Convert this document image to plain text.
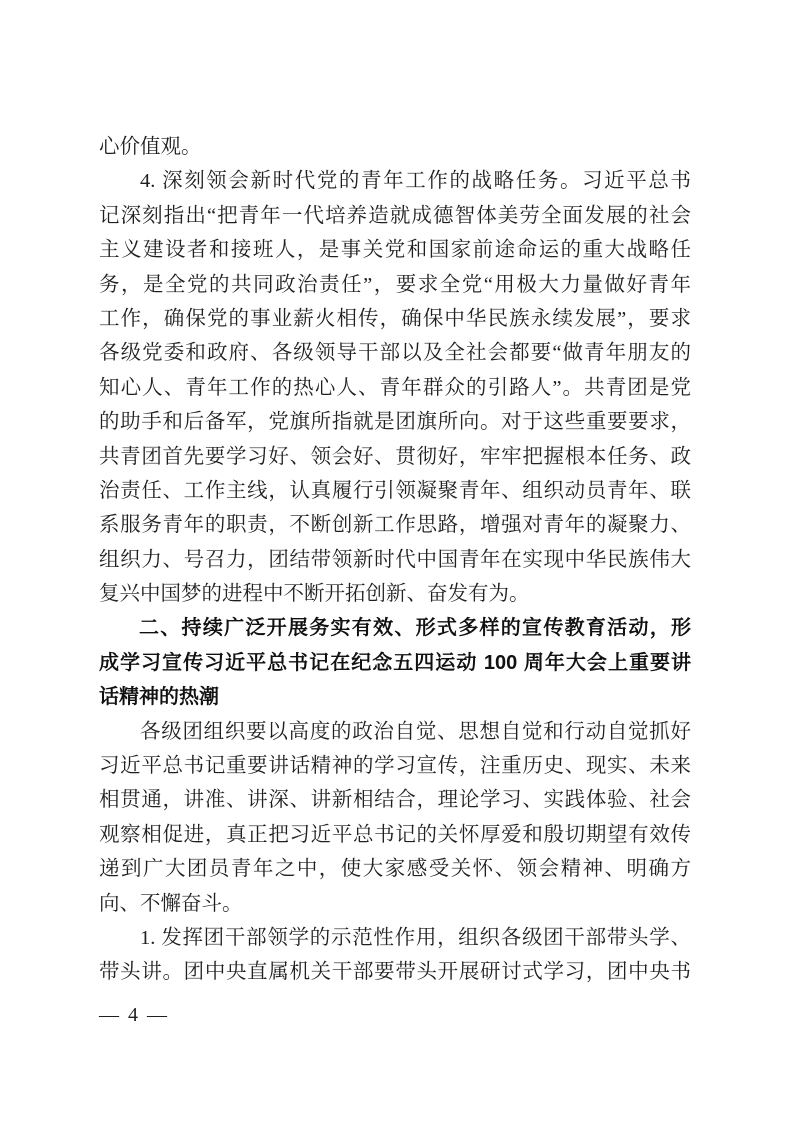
心价值观。
4. 深刻领会新时代党的青年工作的战略任务。习近平总书
记深刻指出“把青年一代培养造就成德智体美劳全面发展的社会
主义建设者和接班人，是事关党和国家前途命运的重大战略任
务，是全党的共同政治责任”，要求全党“用极大力量做好青年
工作，确保党的事业薪火相传，确保中华民族永续发展”，要求
各级党委和政府、各级领导干部以及全社会都要“做青年朋友的
知心人、青年工作的热心人、青年群众的引路人”。共青团是党
的助手和后备军，党旗所指就是团旗所向。对于这些重要要求，
共青团首先要学习好、领会好、贯彻好，牢牢把握根本任务、政
治责任、工作主线，认真履行引领凝聚青年、组织动员青年、联
系服务青年的职责，不断创新工作思路，增强对青年的凝聚力、
组织力、号召力，团结带领新时代中国青年在实现中华民族伟大
复兴中国梦的进程中不断开拓创新、奋发有为。
二、持续广泛开展务实有效、形式多样的宣传教育活动，形
成学习宣传习近平总书记在纪念五四运动 100 周年大会上重要讲
话精神的热潮
各级团组织要以高度的政治自觉、思想自觉和行动自觉抓好
习近平总书记重要讲话精神的学习宣传，注重历史、现实、未来
相贯通，讲准、讲深、讲新相结合，理论学习、实践体验、社会
观察相促进，真正把习近平总书记的关怀厚爱和殷切期望有效传
递到广大团员青年之中，使大家感受关怀、领会精神、明确方
向、不懈奋斗。
1. 发挥团干部领学的示范性作用，组织各级团干部带头学、
带头讲。团中央直属机关干部要带头开展研讨式学习，团中央书
— 4 —
